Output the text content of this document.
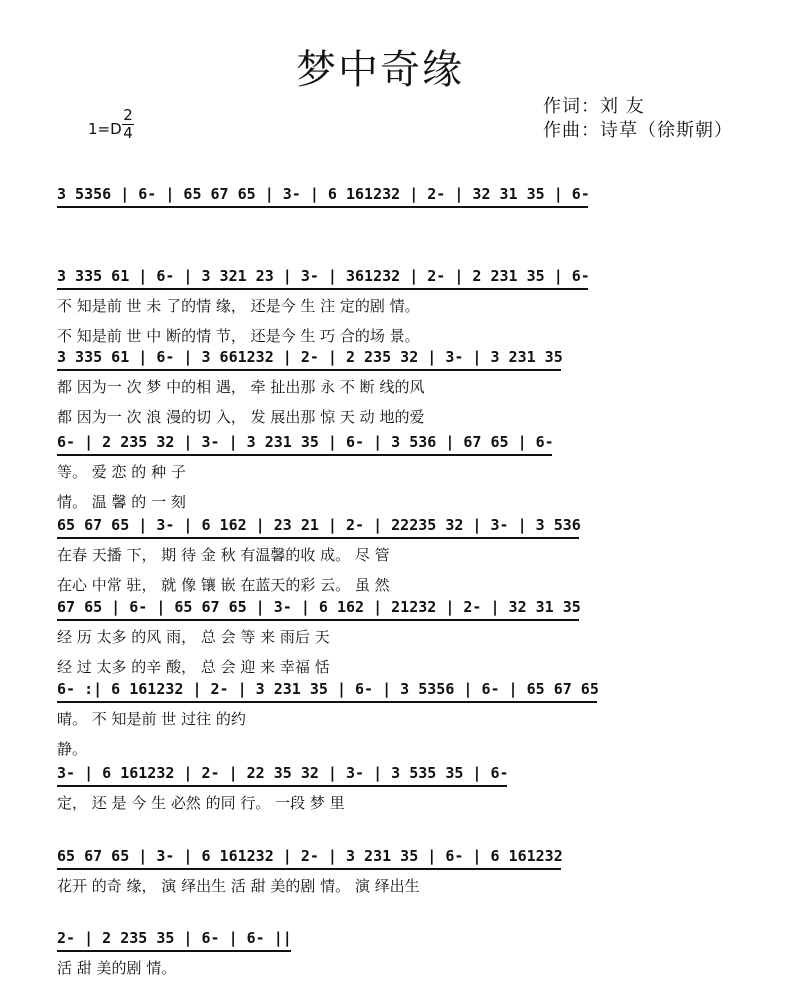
梦中奇缘
作词：刘 友
作曲：诗草（徐斯朝）
1=D
2
4
3 5356 | 6- | 65 67 65 | 3- | 6 161232 | 2- | 32 31 35 | 6-
3 335 61 | 6- | 3 321 23 | 3- | 361232 | 2- | 2 231 35 | 6-
不 知是前 世 未 了的情 缘， 还是今 生 注 定的剧 情。
不 知是前 世 中 断的情 节， 还是今 生 巧 合的场 景。
3 335 61 | 6- | 3 661232 | 2- | 2 235 32 | 3- | 3 231 35
都 因为一 次 梦 中的相 遇， 牵 扯出那 永 不 断 线的风
都 因为一 次 浪 漫的切 入， 发 展出那 惊 天 动 地的爱
6- | 2 235 32 | 3- | 3 231 35 | 6- | 3 536 | 67 65 | 6-
等。 爱 恋 的 种 子
情。 温 馨 的 一 刻
65 67 65 | 3- | 6 162 | 23 21 | 2- | 22235 32 | 3- | 3 536
在春 天播 下， 期 待 金 秋 有温馨的收 成。 尽 管
在心 中常 驻， 就 像 镶 嵌 在蓝天的彩 云。 虽 然
67 65 | 6- | 65 67 65 | 3- | 6 162 | 21232 | 2- | 32 31 35
经 历 太多 的风 雨， 总 会 等 来 雨后 天
经 过 太多 的辛 酸， 总 会 迎 来 幸福 恬
6- :| 6 161232 | 2- | 3 231 35 | 6- | 3 5356 | 6- | 65 67 65
晴。 不 知是前 世 过往 的约
静。
3- | 6 161232 | 2- | 22 35 32 | 3- | 3 535 35 | 6-
定， 还 是 今 生 必然 的同 行。 一段 梦 里
65 67 65 | 3- | 6 161232 | 2- | 3 231 35 | 6- | 6 161232
花开 的奇 缘， 演 绎出生 活 甜 美的剧 情。 演 绎出生
2- | 2 235 35 | 6- | 6- ||
活 甜 美的剧 情。
